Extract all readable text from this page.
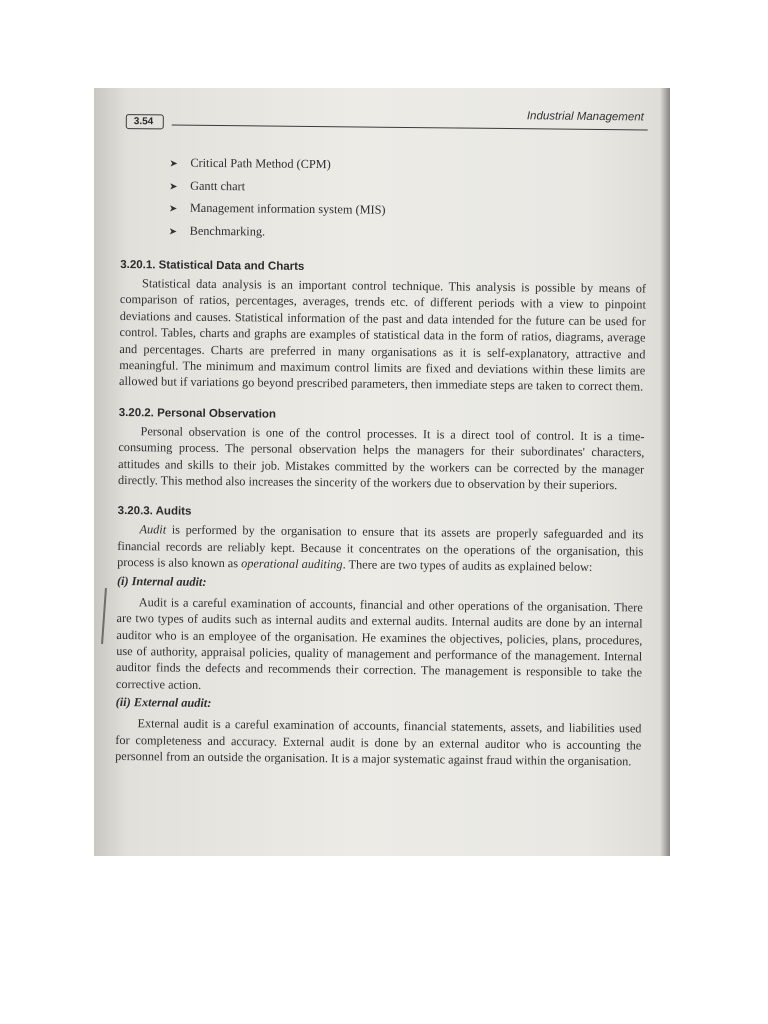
3.54	Industrial Management
➤ Critical Path Method (CPM)
➤ Gantt chart
➤ Management information system (MIS)
➤ Benchmarking.
3.20.1. Statistical Data and Charts

Statistical data analysis is an important control technique. This analysis is possible by means of comparison of ratios, percentages, averages, trends etc. of different periods with a view to pinpoint deviations and causes. Statistical information of the past and data intended for the future can be used for control. Tables, charts and graphs are examples of statistical data in the form of ratios, diagrams, average and percentages. Charts are preferred in many organisations as it is self-explanatory, attractive and meaningful. The minimum and maximum control limits are fixed and deviations within these limits are allowed but if variations go beyond prescribed parameters, then immediate steps are taken to correct them.

3.20.2. Personal Observation

Personal observation is one of the control processes. It is a direct tool of control. It is a time-consuming process. The personal observation helps the managers for their subordinates' characters, attitudes and skills to their job. Mistakes committed by the workers can be corrected by the manager directly. This method also increases the sincerity of the workers due to observation by their superiors.

3.20.3. Audits

Audit is performed by the organisation to ensure that its assets are properly safeguarded and its financial records are reliably kept. Because it concentrates on the operations of the organisation, this process is also known as operational auditing. There are two types of audits as explained below:

(i) Internal audit:

Audit is a careful examination of accounts, financial and other operations of the organisation. There are two types of audits such as internal audits and external audits. Internal audits are done by an internal auditor who is an employee of the organisation. He examines the objectives, policies, plans, procedures, use of authority, appraisal policies, quality of management and performance of the management. Internal auditor finds the defects and recommends their correction. The management is responsible to take the corrective action.

(ii) External audit:

External audit is a careful examination of accounts, financial statements, assets, and liabilities used for completeness and accuracy. External audit is done by an external auditor who is accounting the personnel from an outside the organisation. It is a major systematic against fraud within the organisation.
